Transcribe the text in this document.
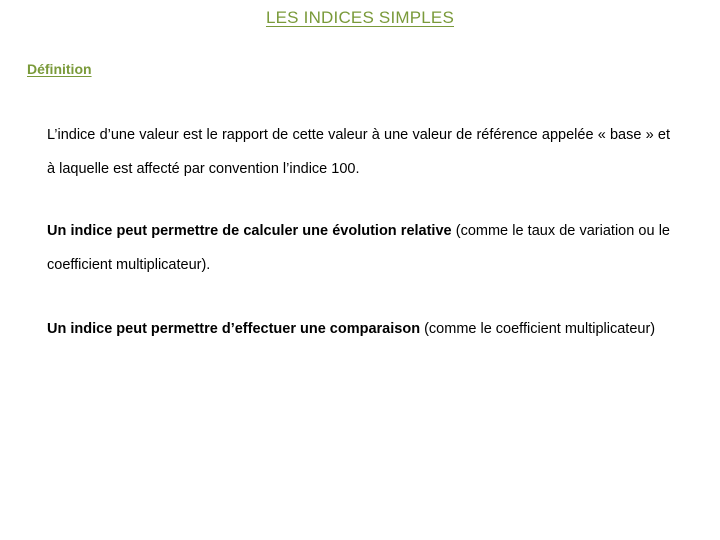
LES INDICES SIMPLES
Définition

L’indice d’une valeur est le rapport de cette valeur à une valeur de référence appelée « base » et à laquelle est affecté par convention l’indice 100.

Un indice peut permettre de calculer une évolution relative (comme le taux de variation ou le coefficient multiplicateur).

Un indice peut permettre d’effectuer une comparaison (comme le coefficient multiplicateur)
